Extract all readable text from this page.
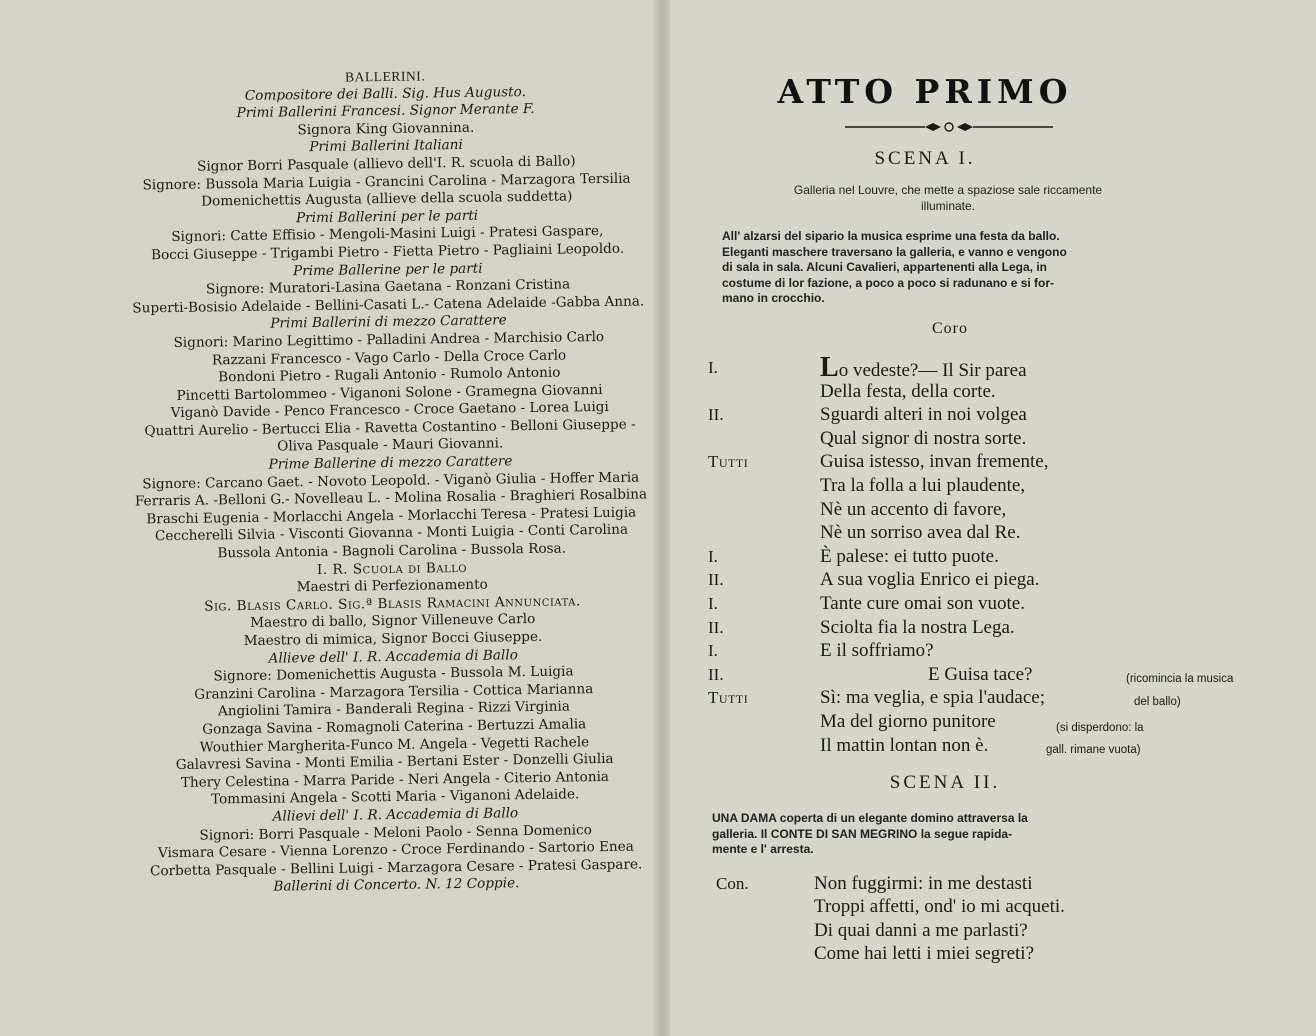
BALLERINI.
Compositore dei Balli. Sig. Hus Augusto.
Primi Ballerini Francesi. Signor Merante F.
Signora King Giovannina.
Primi Ballerini Italiani
Signor Borri Pasquale (allievo dell'I. R. scuola di Ballo)
Signore: Bussola Maria Luigia - Grancini Carolina - Marzagora Tersilia
Domenichettis Augusta (allieve della scuola suddetta)
Primi Ballerini per le parti
Signori: Catte Effisio - Mengoli-Masini Luigi - Pratesi Gaspare,
Bocci Giuseppe - Trigambi Pietro - Fietta Pietro - Pagliaini Leopoldo.
Prime Ballerine per le parti
Signore: Muratori-Lasina Gaetana - Ronzani Cristina
Superti-Bosisio Adelaide - Bellini-Casati L.- Catena Adelaide -Gabba Anna.
Primi Ballerini di mezzo Carattere
Signori: Marino Legittimo - Palladini Andrea - Marchisio Carlo
Razzani Francesco - Vago Carlo - Della Croce Carlo
Bondoni Pietro - Rugali Antonio - Rumolo Antonio
Pincetti Bartolommeo - Viganoni Solone - Gramegna Giovanni
Viganò Davide - Penco Francesco - Croce Gaetano - Lorea Luigi
Quattri Aurelio - Bertucci Elia - Ravetta Costantino - Belloni Giuseppe -
Oliva Pasquale - Mauri Giovanni.
Prime Ballerine di mezzo Carattere
Signore: Carcano Gaet. - Novoto Leopold. - Viganò Giulia - Hoffer Maria
Ferraris A. -Belloni G.- Novelleau L. - Molina Rosalia - Braghieri Rosalbina
Braschi Eugenia - Morlacchi Angela - Morlacchi Teresa - Pratesi Luigia
Ceccherelli Silvia - Visconti Giovanna - Monti Luigia - Conti Carolina
Bussola Antonia - Bagnoli Carolina - Bussola Rosa.
I. R. Scuola di Ballo
Maestri di Perfezionamento
Sig. Blasis Carlo. Sig.ª Blasis Ramacini Annunciata.
Maestro di ballo, Signor Villeneuve Carlo
Maestro di mimica, Signor Bocci Giuseppe.
Allieve dell' I. R. Accademia di Ballo
Signore: Domenichettis Augusta - Bussola M. Luigia
Granzini Carolina - Marzagora Tersilia - Cottica Marianna
Angiolini Tamira - Banderali Regina - Rizzi Virginia
Gonzaga Savina - Romagnoli Caterina - Bertuzzi Amalia
Wouthier Margherita-Funco M. Angela - Vegetti Rachele
Galavresi Savina - Monti Emilia - Bertani Ester - Donzelli Giulia
Thery Celestina - Marra Paride - Neri Angela - Citerio Antonia
Tommasini Angela - Scotti Maria - Viganoni Adelaide.
Allievi dell' I. R. Accademia di Ballo
Signori: Borri Pasquale - Meloni Paolo - Senna Domenico
Vismara Cesare - Vienna Lorenzo - Croce Ferdinando - Sartorio Enea
Corbetta Pasquale - Bellini Luigi - Marzagora Cesare - Pratesi Gaspare.
Ballerini di Concerto. N. 12 Coppie.
ATTO PRIMO
SCENA I.
Galleria nel Louvre, che mette a spaziose sale riccamente
illuminate.
All' alzarsi del sipario la musica esprime una festa da ballo.
Eleganti maschere traversano la galleria, e vanno e vengono
di sala in sala. Alcuni Cavalieri, appartenenti alla Lega, in
costume di lor fazione, a poco a poco si radunano e si for-
mano in crocchio.
Coro
I.	Lo vedeste?— Il Sir parea
Della festa, della corte.
II.	Sguardi alteri in noi volgea
Qual signor di nostra sorte.
Tutti	Guisa istesso, invan fremente,
Tra la folla a lui plaudente,
Nè un accento di favore,
Nè un sorriso avea dal Re.
I.	È palese: ei tutto puote.
II.	A sua voglia Enrico ei piega.
I.	Tante cure omai son vuote.
II.	Sciolta fia la nostra Lega.
I.	E il soffriamo?
II.	E Guisa tace?	(ricomincia la musica
Tutti	Sì: ma veglia, e spia l'audace;	del ballo)
Ma del giorno punitore	(si disperdono: la
Il mattin lontan non è.	gall. rimane vuota)
SCENA II.
UNA DAMA coperta di un elegante domino attraversa la
galleria. Il CONTE DI SAN MEGRINO la segue rapida-
mente e l' arresta.
Con.	Non fuggirmi: in me destasti
Troppi affetti, ond' io mi acqueti.
Di quai danni a me parlasti?
Come hai letti i miei segreti?
